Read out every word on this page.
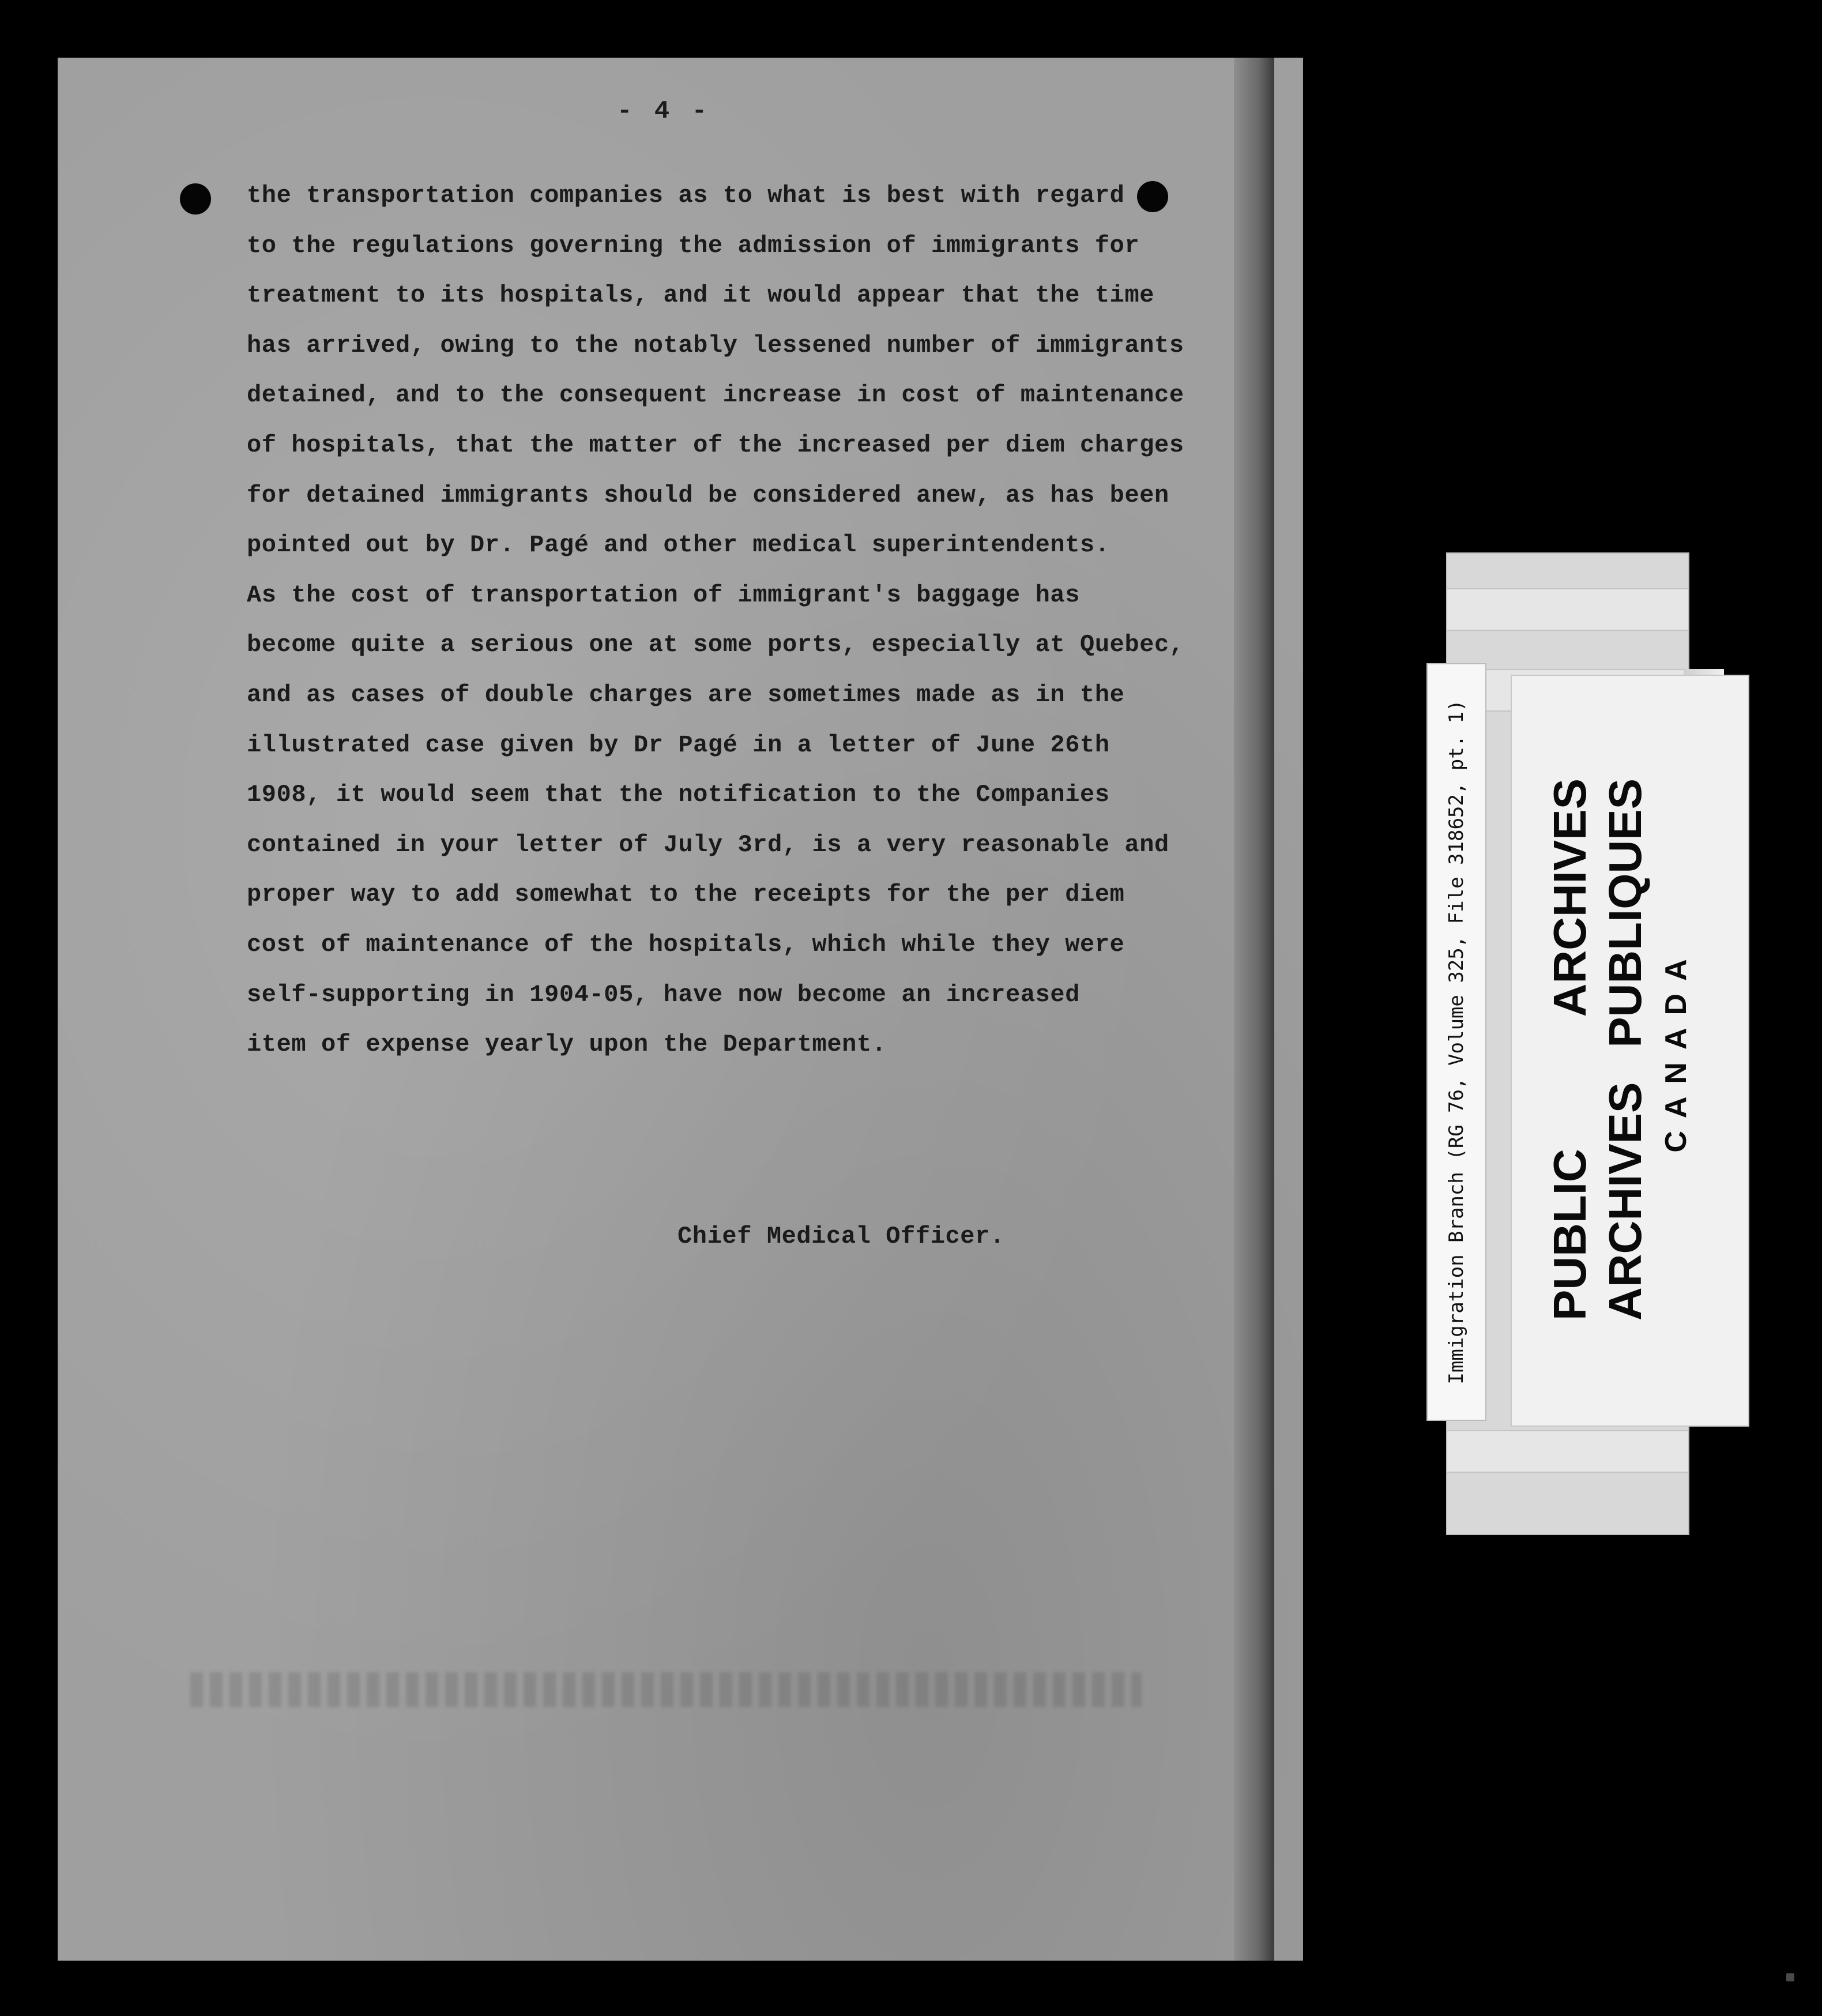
- 4 -
the transportation companies as to what is best with regard
to the regulations governing the admission of immigrants for
treatment to its hospitals, and it would appear that the time
has arrived, owing to the notably lessened number of immigrants
detained, and to the consequent increase in cost of maintenance
of hospitals, that the matter of the increased per diem charges
for detained immigrants should be considered anew, as has been
pointed out by Dr. Pagé and other medical superintendents.
As the cost of transportation of immigrant's baggage has
become quite a serious one at some ports, especially at Quebec,
and as cases of double charges are sometimes made as in the
illustrated case given by Dr Pagé in a letter of June 26th
1908, it would seem that the notification to the Companies
contained in your letter of July 3rd, is a very reasonable and
proper way to add somewhat to the receipts for the per diem
cost of maintenance of the hospitals, which while they were
self-supporting in 1904-05, have now become an increased
item of expense yearly upon the Department.
Chief Medical Officer.	Immigration Branch (RG 76, Volume 325, File 318652, pt. 1) PUBLIC
ARCHIVES
ARCHIVES
PUBLIQUES
CANADA
